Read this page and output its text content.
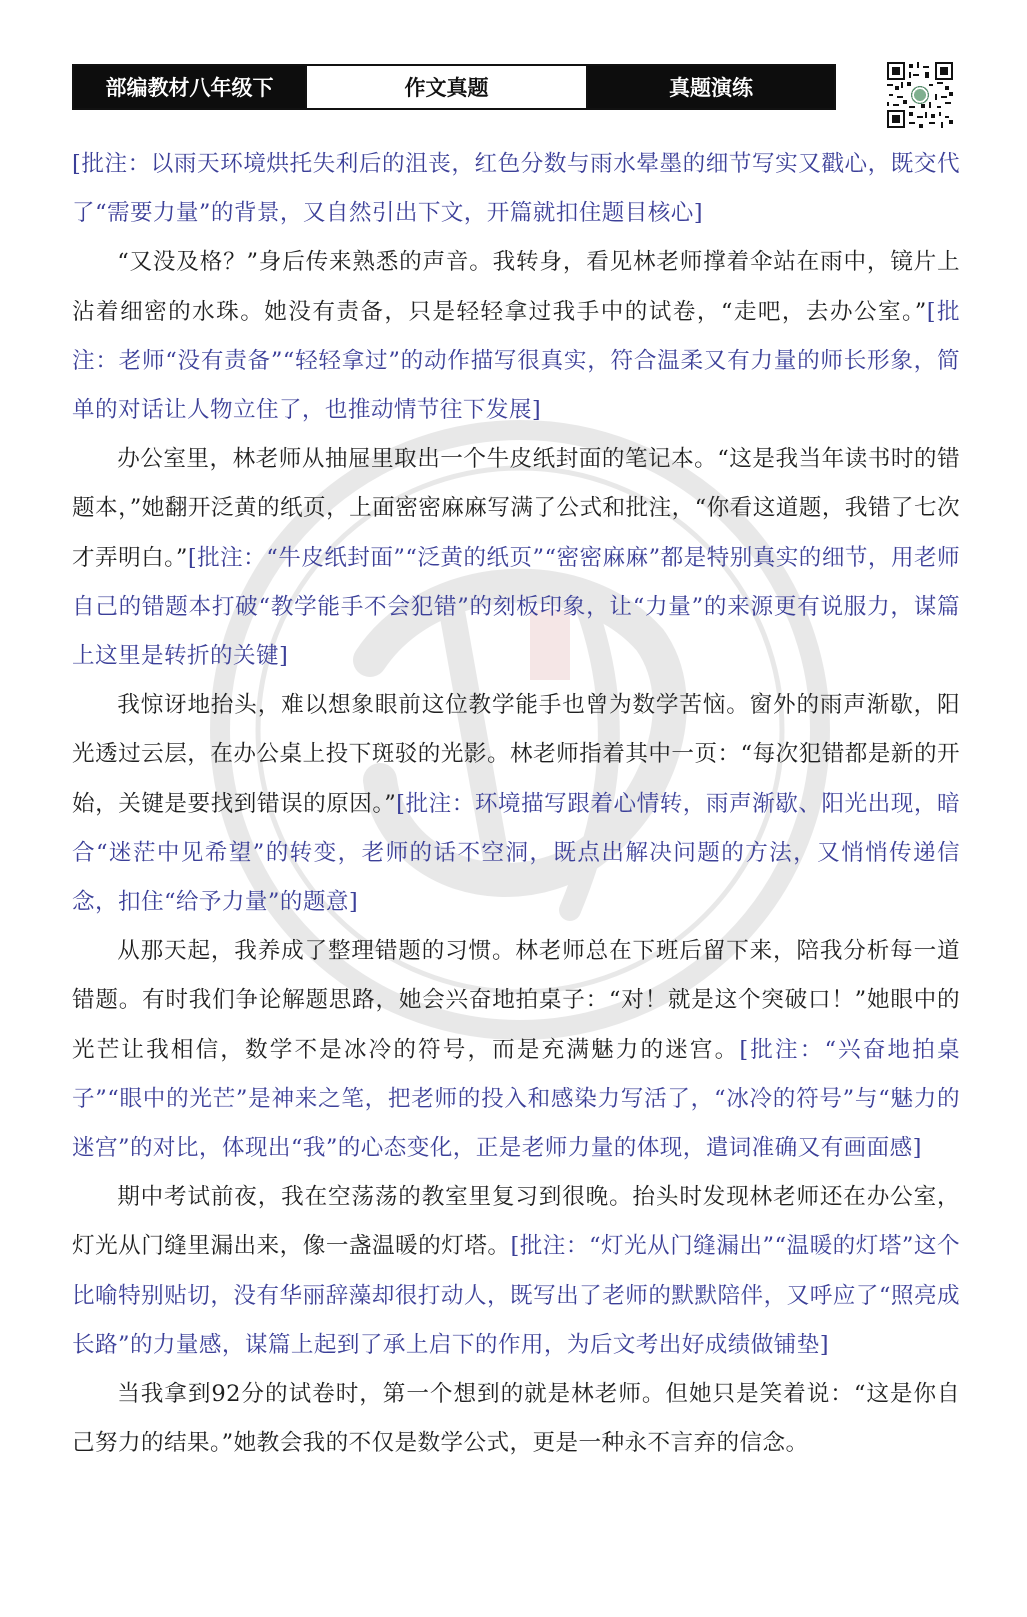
部编教材八年级下	作文真题	真题演练

[批注：以雨天环境烘托失利后的沮丧，红色分数与雨水晕墨的细节写实又戳心，既交代了“需要力量”的背景，又自然引出下文，开篇就扣住题目核心]

“又没及格？”身后传来熟悉的声音。我转身，看见林老师撑着伞站在雨中，镜片上沾着细密的水珠。她没有责备，只是轻轻拿过我手中的试卷，“走吧，去办公室。”[批注：老师“没有责备”“轻轻拿过”的动作描写很真实，符合温柔又有力量的师长形象，简单的对话让人物立住了，也推动情节往下发展]

办公室里，林老师从抽屉里取出一个牛皮纸封面的笔记本。“这是我当年读书时的错题本，”她翻开泛黄的纸页，上面密密麻麻写满了公式和批注，“你看这道题，我错了七次才弄明白。”[批注：“牛皮纸封面”“泛黄的纸页”“密密麻麻”都是特别真实的细节，用老师自己的错题本打破“教学能手不会犯错”的刻板印象，让“力量”的来源更有说服力，谋篇上这里是转折的关键]

我惊讶地抬头，难以想象眼前这位教学能手也曾为数学苦恼。窗外的雨声渐歇，阳光透过云层，在办公桌上投下斑驳的光影。林老师指着其中一页：“每次犯错都是新的开始，关键是要找到错误的原因。”[批注：环境描写跟着心情转，雨声渐歇、阳光出现，暗合“迷茫中见希望”的转变，老师的话不空洞，既点出解决问题的方法，又悄悄传递信念，扣住“给予力量”的题意]

从那天起，我养成了整理错题的习惯。林老师总在下班后留下来，陪我分析每一道错题。有时我们争论解题思路，她会兴奋地拍桌子：“对！就是这个突破口！”她眼中的光芒让我相信，数学不是冰冷的符号，而是充满魅力的迷宫。[批注：“兴奋地拍桌子”“眼中的光芒”是神来之笔，把老师的投入和感染力写活了，“冰冷的符号”与“魅力的迷宫”的对比，体现出“我”的心态变化，正是老师力量的体现，遣词准确又有画面感]

期中考试前夜，我在空荡荡的教室里复习到很晚。抬头时发现林老师还在办公室，灯光从门缝里漏出来，像一盏温暖的灯塔。[批注：“灯光从门缝漏出”“温暖的灯塔”这个比喻特别贴切，没有华丽辞藻却很打动人，既写出了老师的默默陪伴，又呼应了“照亮成长路”的力量感，谋篇上起到了承上启下的作用，为后文考出好成绩做铺垫]

当我拿到92分的试卷时，第一个想到的就是林老师。但她只是笑着说：“这是你自己努力的结果。”她教会我的不仅是数学公式，更是一种永不言弃的信念。
